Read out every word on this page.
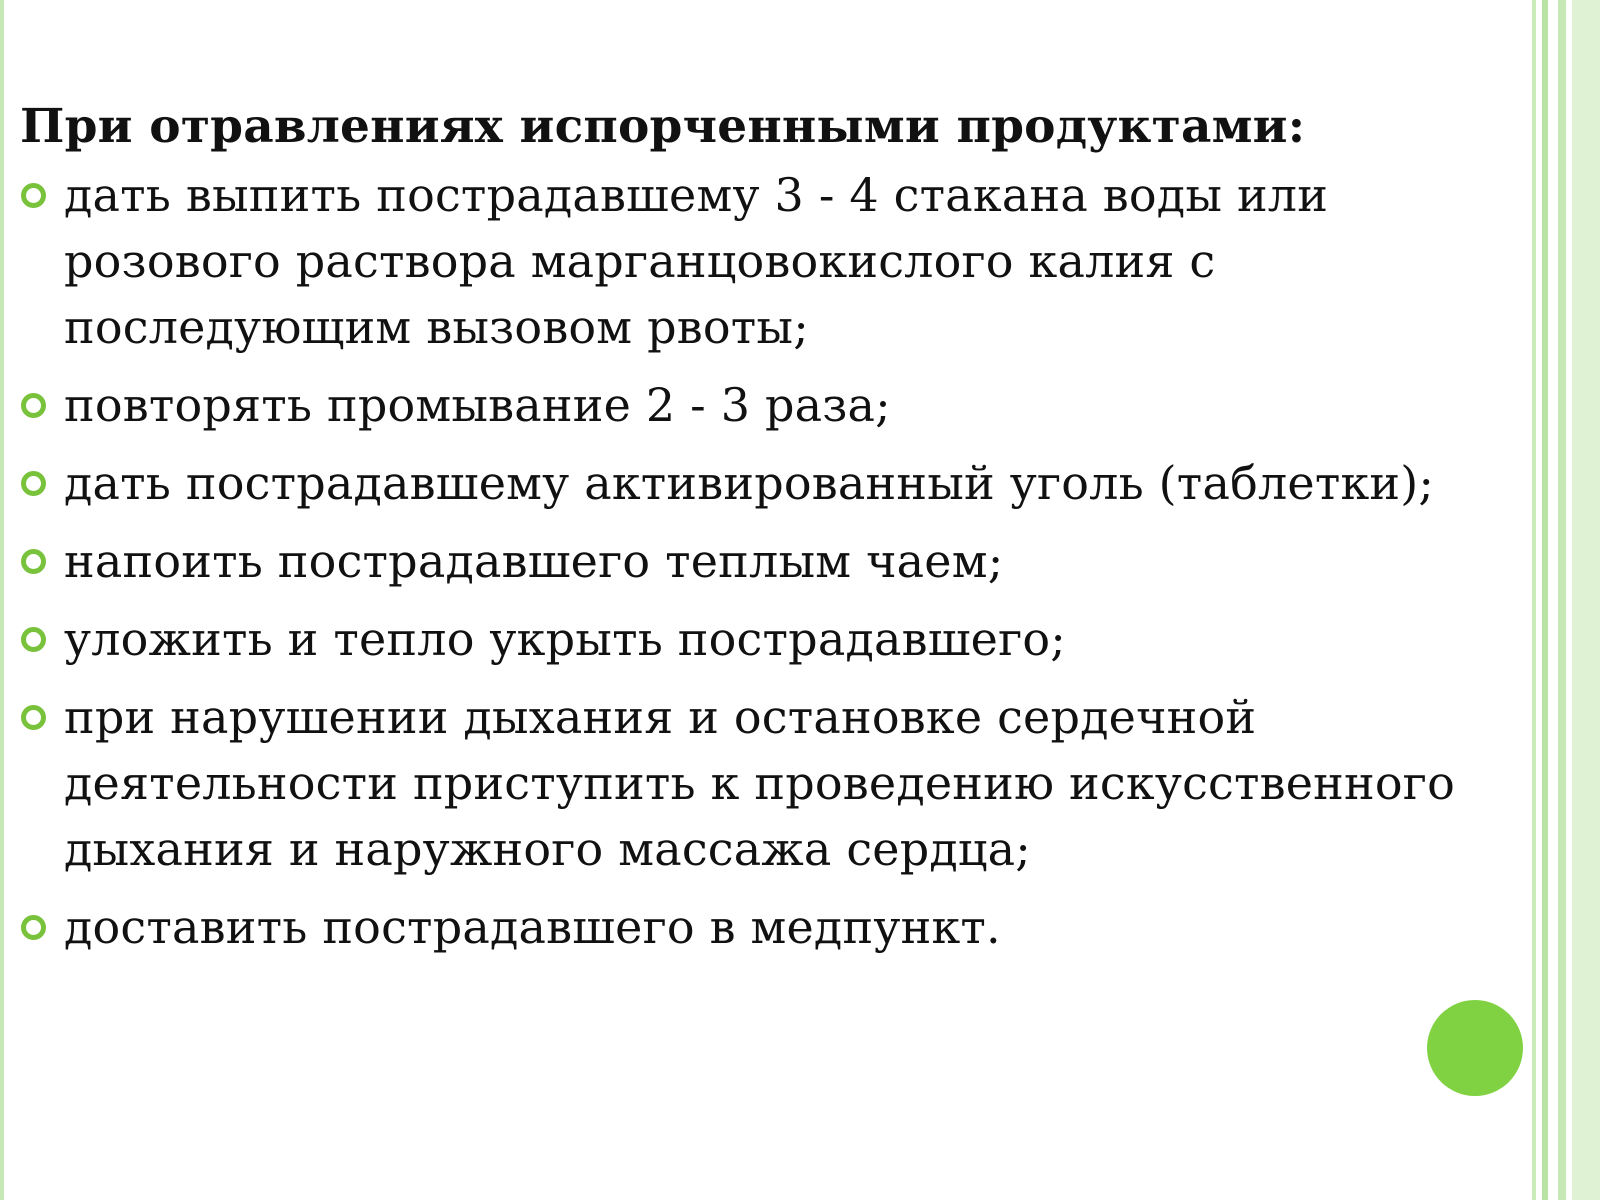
При отравлениях испорченными продуктами:
дать выпить пострадавшему 3 - 4 стакана воды или розового раствора марганцовокислого калия с последующим вызовом рвоты;
повторять промывание 2 - 3 раза;
дать пострадавшему активированный уголь (таблетки);
напоить пострадавшего теплым чаем;
уложить и тепло укрыть пострадавшего;
при нарушении дыхания и остановке сердечной деятельности приступить к проведению искусственного дыхания и наружного массажа сердца;
доставить пострадавшего в медпункт.
